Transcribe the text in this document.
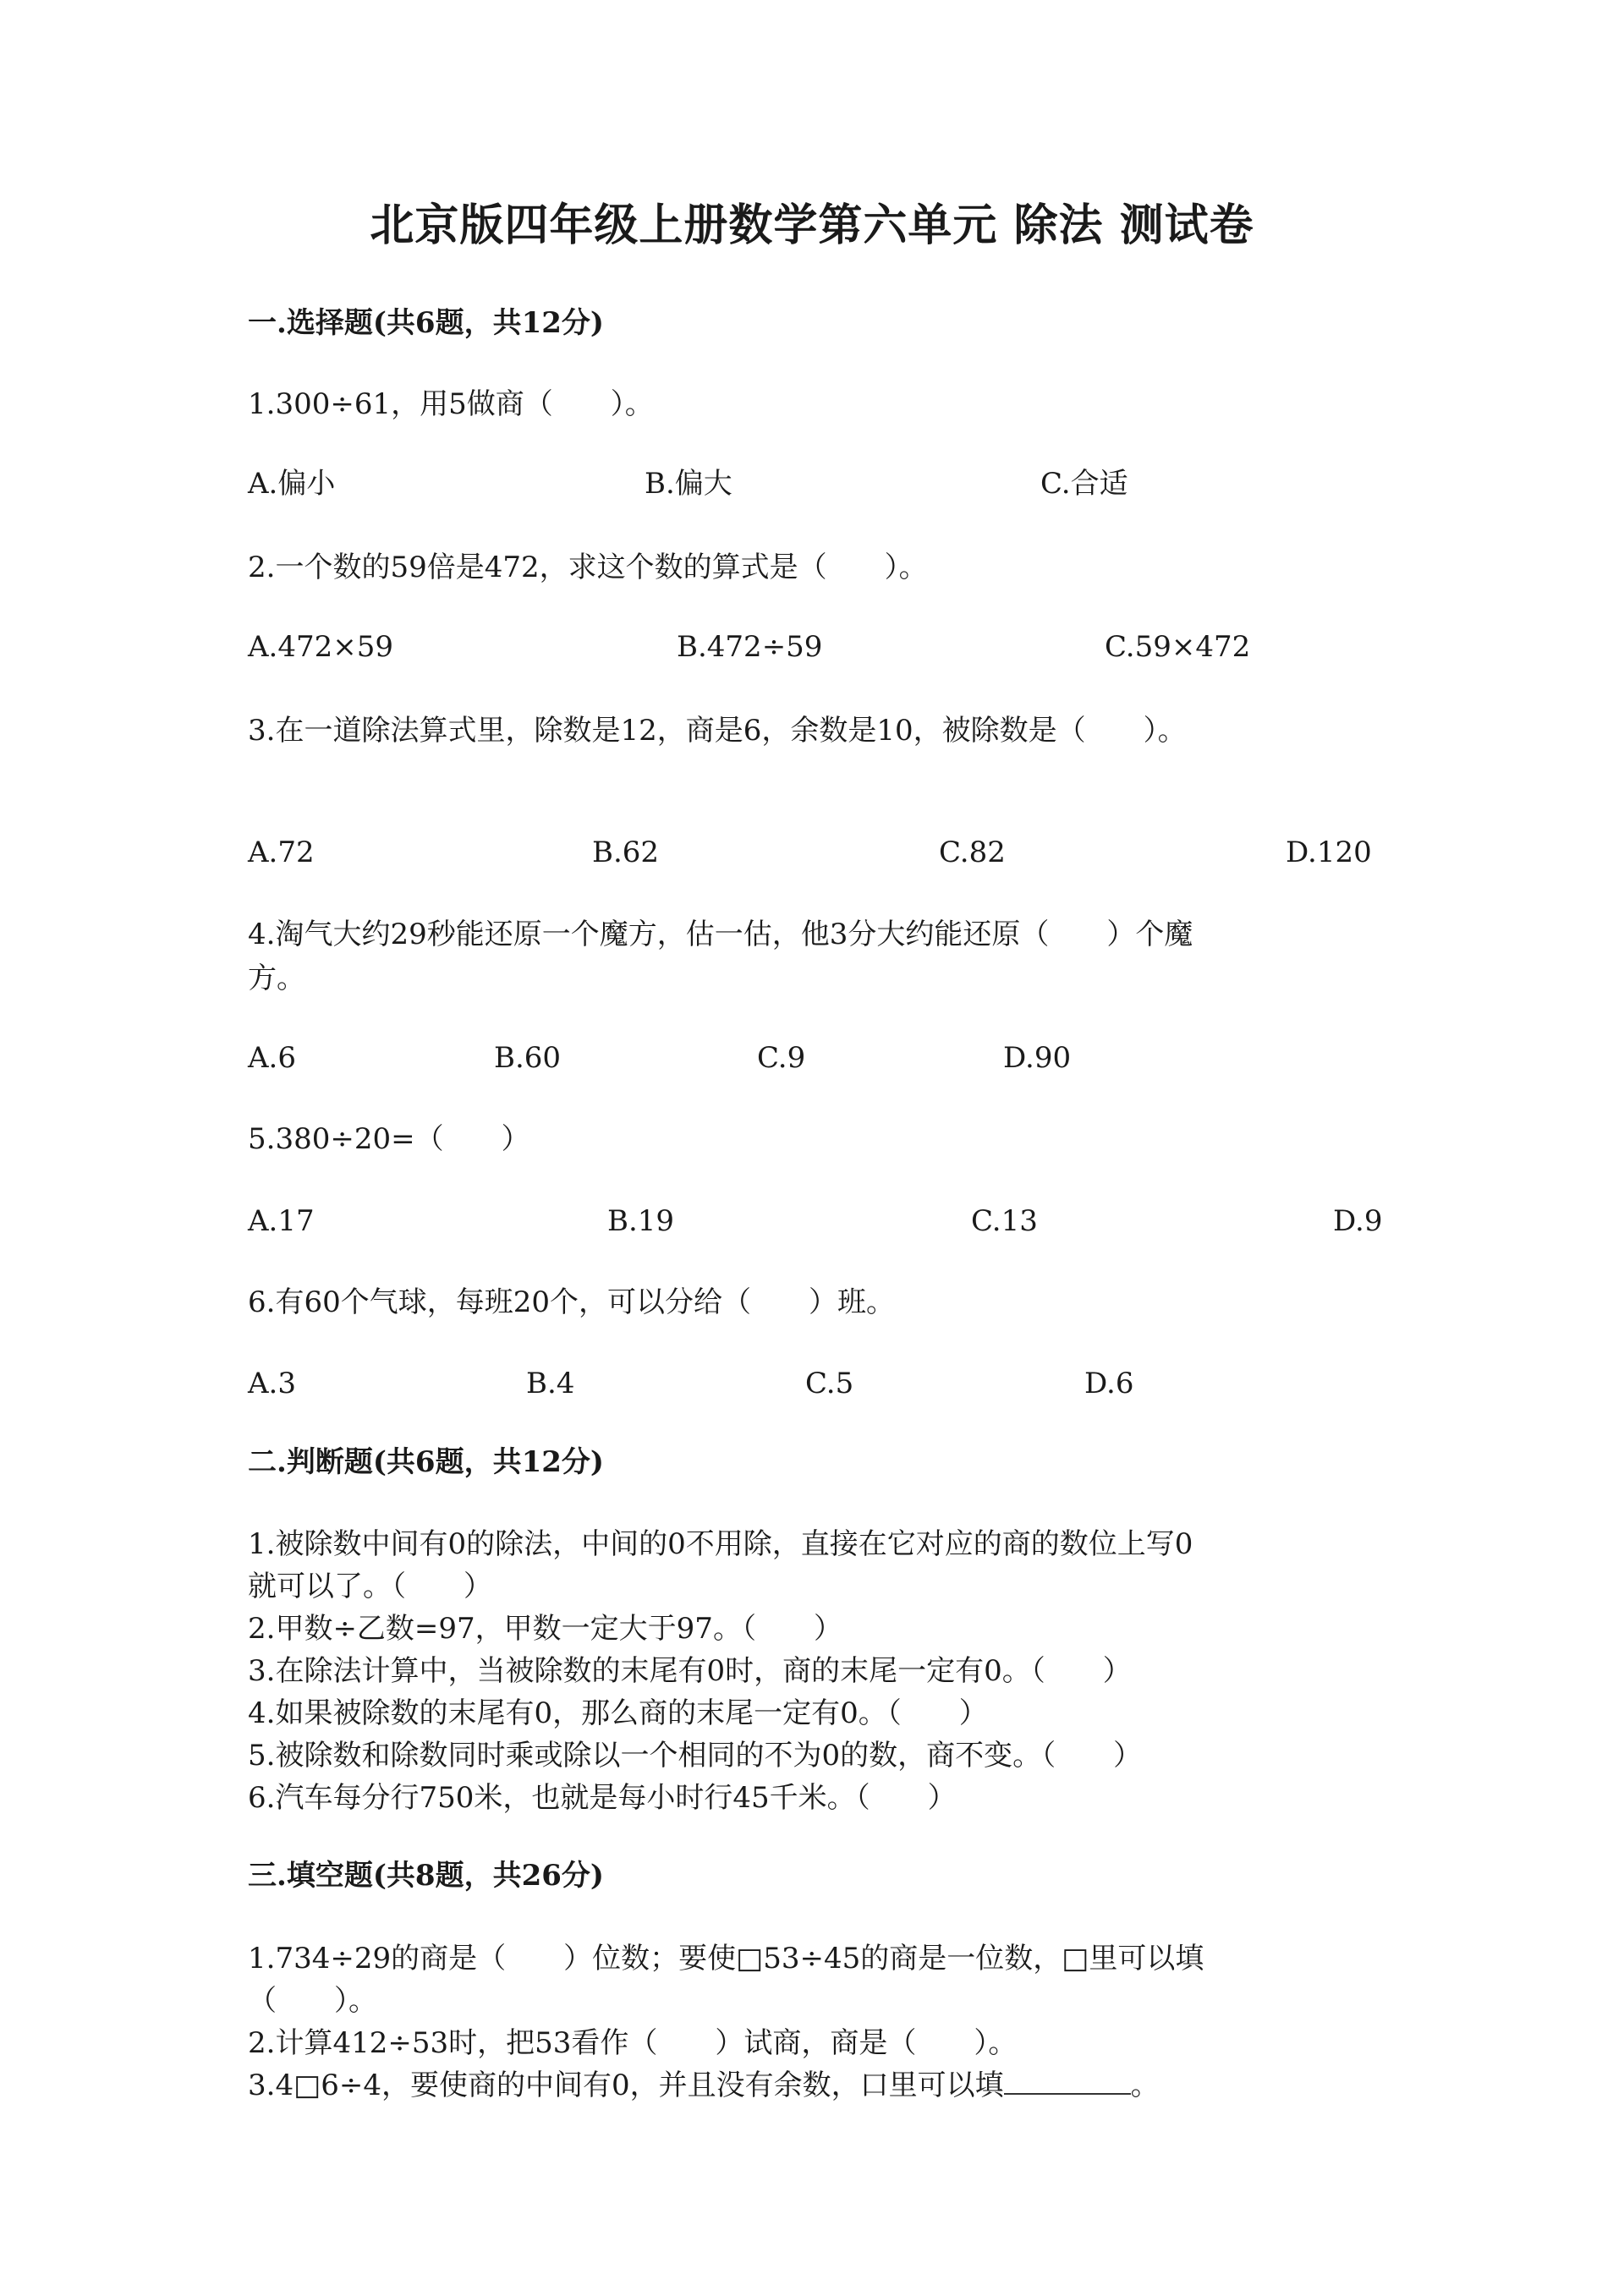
北京版四年级上册数学第六单元 除法 测试卷
一.选择题(共6题，共12分)
1.300÷61，用5做商（　　）。
A.偏小	B.偏大	C.合适
2.一个数的59倍是472，求这个数的算式是（　　）。
A.472×59	B.472÷59	C.59×472
3.在一道除法算式里，除数是12，商是6，余数是10，被除数是（　　）。
A.72	B.62	C.82	D.120
4.淘气大约29秒能还原一个魔方，估一估，他3分大约能还原（　　）个魔
方。
A.6	B.60	C.9	D.90
5.380÷20=（　　）
A.17	B.19	C.13	D.9
6.有60个气球，每班20个，可以分给（　　）班。
A.3	B.4	C.5	D.6
二.判断题(共6题，共12分)
1.被除数中间有0的除法，中间的0不用除，直接在它对应的商的数位上写0
就可以了。（　　）
2.甲数÷乙数=97，甲数一定大于97。（　　）
3.在除法计算中，当被除数的末尾有0时，商的末尾一定有0。（　　）
4.如果被除数的末尾有0，那么商的末尾一定有0。（　　）
5.被除数和除数同时乘或除以一个相同的不为0的数，商不变。（　　）
6.汽车每分行750米，也就是每小时行45千米。（　　）
三.填空题(共8题，共26分)
1.734÷29的商是（　　）位数；要使□53÷45的商是一位数，□里可以填
（　　）。
2.计算412÷53时，把53看作（　　）试商，商是（　　）。
3.4□6÷4，要使商的中间有0，并且没有余数，口里可以填	。
